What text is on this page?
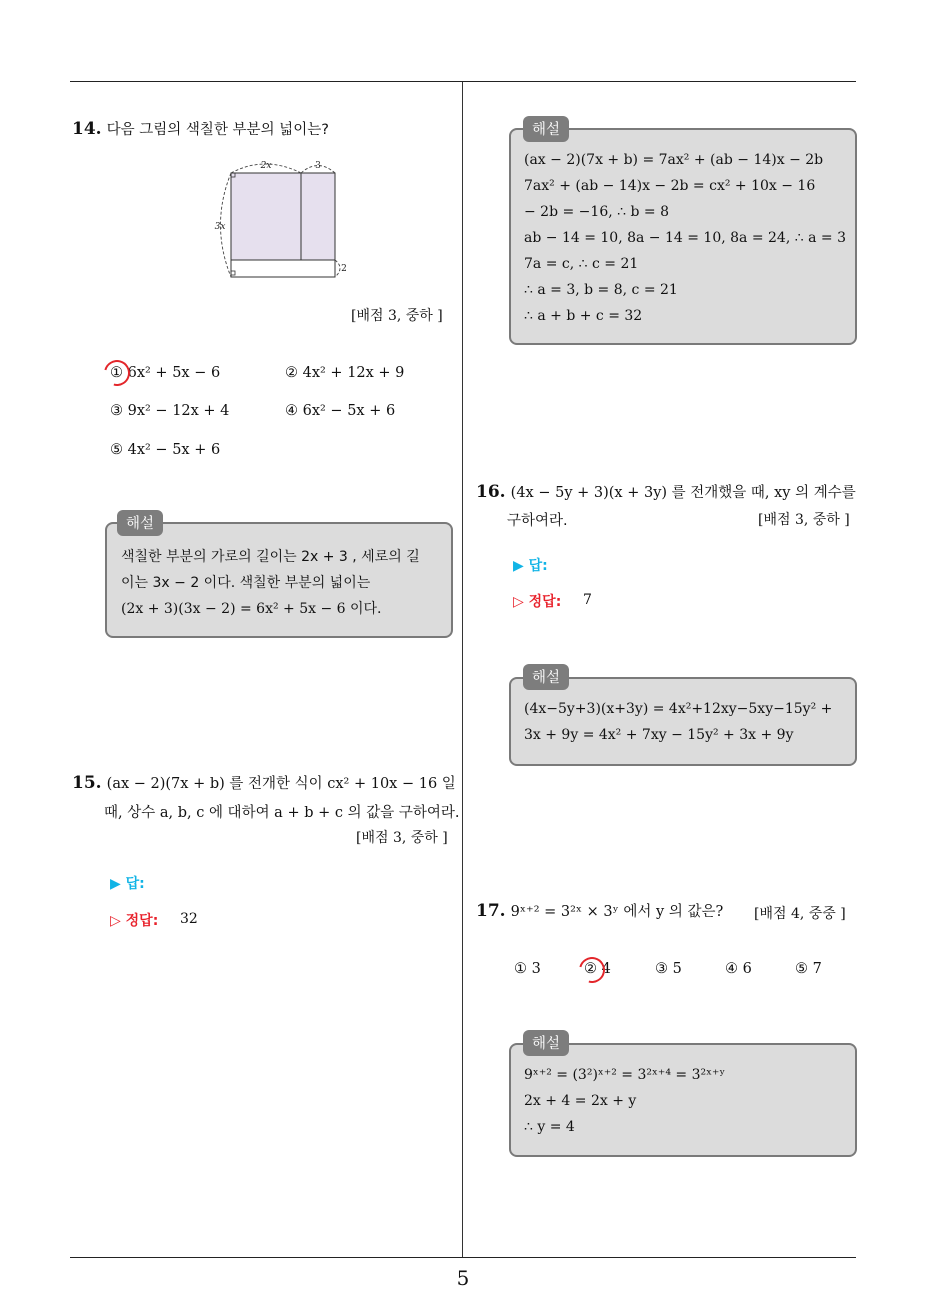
5
14. 다음 그림의 색칠한 부분의 넓이는?
2x	3
3x
2
[배점 3, 중하 ]
① 6x² + 5x − 6	② 4x² + 12x + 9
③ 9x² − 12x + 4	④ 6x² − 5x + 6
⑤ 4x² − 5x + 6
색칠한 부분의 가로의 길이는 2x + 3 , 세로의 길
이는 3x − 2 이다. 색칠한 부분의 넓이는
(2x + 3)(3x − 2) = 6x² + 5x − 6 이다.
해설
15. (ax − 2)(7x + b) 를 전개한 식이 cx² + 10x − 16 일
때, 상수 a, b, c 에 대하여 a + b + c 의 값을 구하여라.
[배점 3, 중하 ]
▶ 답:
▷ 정답: 32
(ax − 2)(7x + b) = 7ax² + (ab − 14)x − 2b
7ax² + (ab − 14)x − 2b = cx² + 10x − 16
− 2b = −16, ∴ b = 8
ab − 14 = 10, 8a − 14 = 10, 8a = 24, ∴ a = 3
7a = c, ∴ c = 21
∴ a = 3, b = 8, c = 21
∴ a + b + c = 32
해설
16. (4x − 5y + 3)(x + 3y) 를 전개했을 때, xy 의 계수를
구하여라.	[배점 3, 중하 ]
▶ 답:
▷ 정답: 7
(4x−5y+3)(x+3y) = 4x²+12xy−5xy−15y² +
3x + 9y = 4x² + 7xy − 15y² + 3x + 9y
해설
17. 9ˣ⁺² = 3²ˣ × 3ʸ 에서 y 의 값은? [배점 4, 중중 ]
① 3	② 4	③ 5	④ 6	⑤ 7
9ˣ⁺² = (3²)ˣ⁺² = 3²ˣ⁺⁴ = 3²ˣ⁺ʸ
2x + 4 = 2x + y
∴ y = 4
해설
